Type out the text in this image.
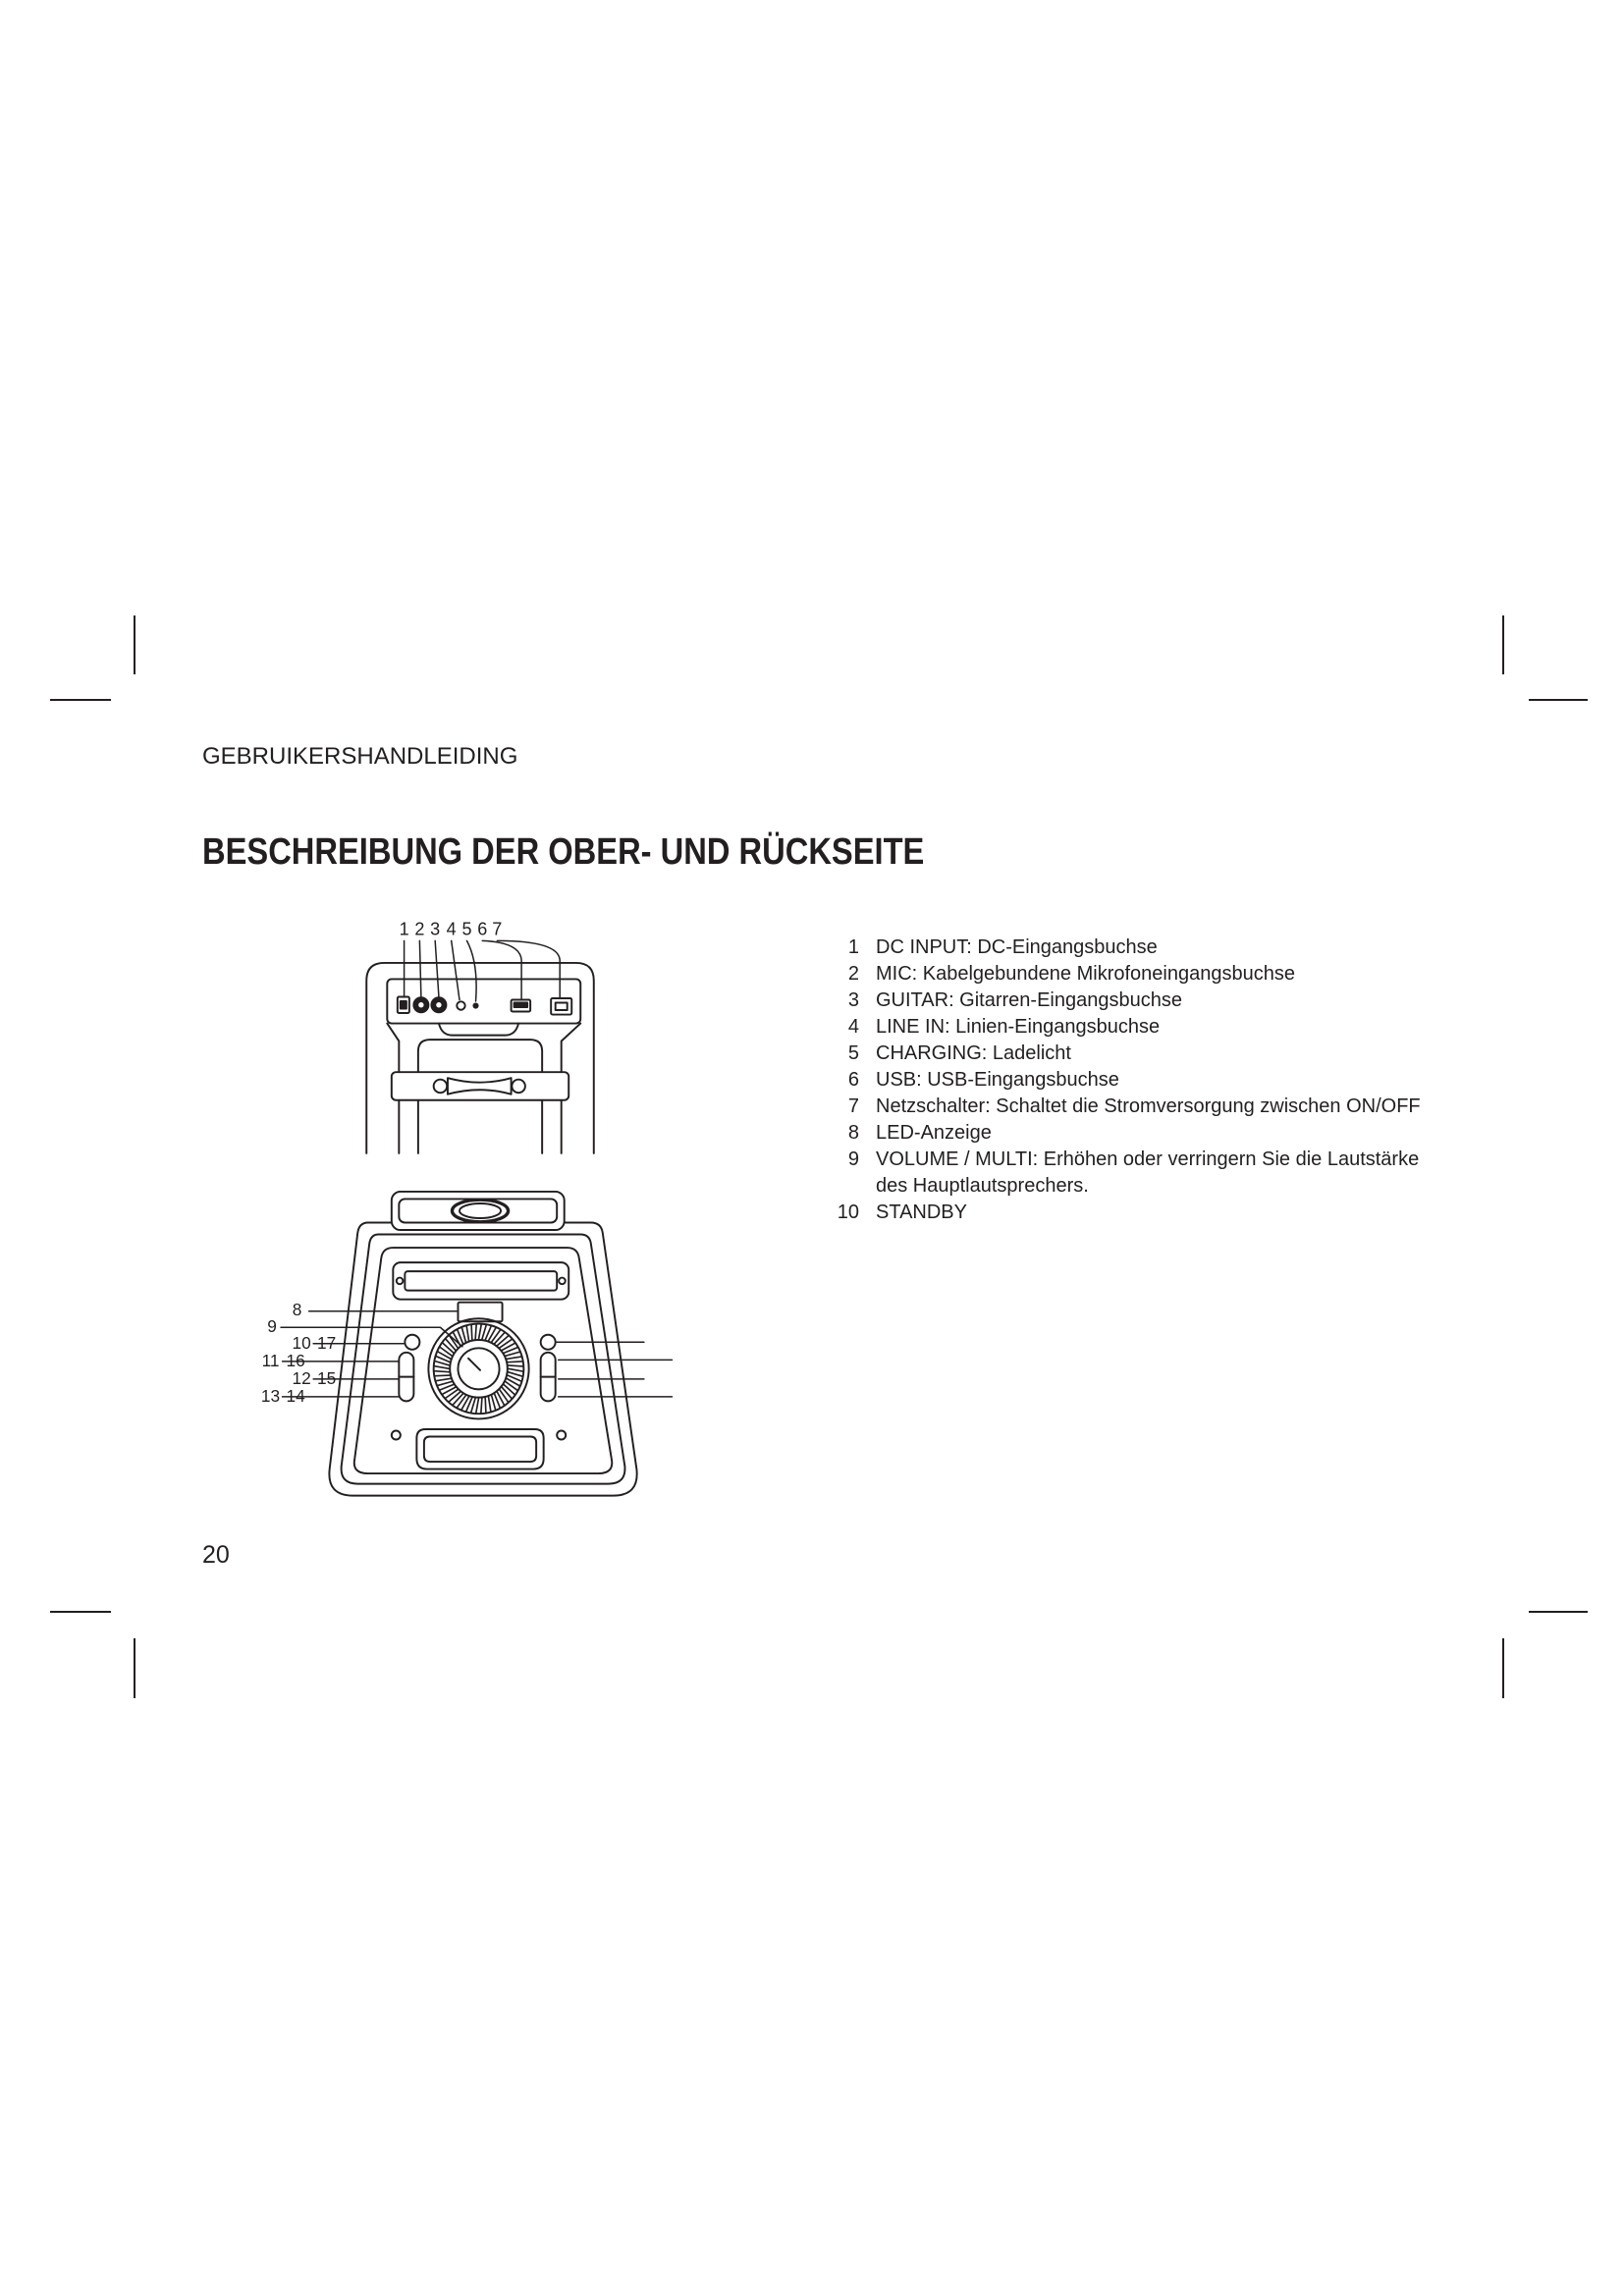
GEBRUIKERSHANDLEIDING
BESCHREIBUNG DER OBER- UND RÜCKSEITE
1 2 3 4 5 6 7
8
9
10 17
11 16
12 15
13 14
1 DC INPUT: DC-Eingangsbuchse
2 MIC: Kabelgebundene Mikrofoneingangsbuchse
3 GUITAR: Gitarren-Eingangsbuchse
4 LINE IN: Linien-Eingangsbuchse
5 CHARGING: Ladelicht
6 USB: USB-Eingangsbuchse
7 Netzschalter: Schaltet die Stromversorgung zwischen ON/OFF
8 LED-Anzeige
9 VOLUME / MULTI: Erhöhen oder verringern Sie die Lautstärke des Hauptlautsprechers.
10 STANDBY
20
